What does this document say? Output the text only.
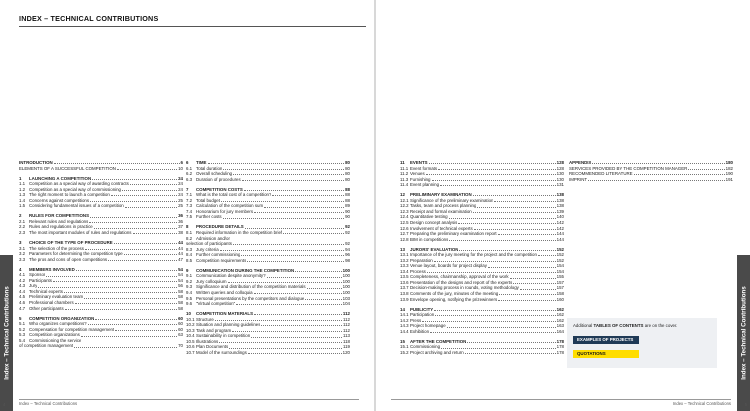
INDEX – TECHNICAL CONTRIBUTIONS
INTRODUCTION	6
ELEMENTS OF A SUCCESSFUL COMPETITION	10
1	LAUNCHING A COMPETITION	24
1.1 Competition as a special way of awarding contracts	24
1.2 Competition as a special way of commissioning	24
1.3 The right moment to launch a competition	24
1.4 Concerns against competitions	25
1.5 Considering fundamental issues of a competition	25
2	RULES FOR COMPETITIONS	36
2.1 Relevant rules and regulations	36
2.2 Rules and regulations in practice	37
2.3 The most important modules of rules and regulations	38
3	CHOICE OF THE TYPE OF PROCEDURE	44
3.1 The selection of the process	44
3.2 Parameters for determining the competition type	44
3.3 The pros and cons of open competitions	47
4	MEMBERS INVOLVED	54
4.1 Sponsor	54
4.2 Participants	54
4.3 Jury	56
4.4 Technical experts	58
4.5 Preliminary evaluation team	58
4.6 Professional chambers	58
4.7 Other participants	58
5	COMPETITION ORGANIZATION	60
5.1 Who organizes competitions?	60
5.2 Compensation for competition management	60
5.3 Competition organizations	63
5.4 Commissioning the service
of competition management	70
6	TIME	80
6.1 Total duration	80
6.2 Overall scheduling	80
6.3 Duration of procedures	80
7	COMPETITION COSTS	88
7.1 What is the total cost of a competition?	88
7.2 Total budget	88
7.3 Calculation of the competition sum	89
7.4 Honorarium for jury members	90
7.5 Further costs	90
8	PROCEDURE DETAILS	92
8.1 Required information in the competition brief	92
8.2 Admission and/or
selection of participants	92
8.3 Jury criteria	94
8.4 Further commissioning	96
8.5 Competition requirements	98
9	COMMUNICATION DURING THE COMPETITION	100
9.1 Communication despite anonymity?	100
9.2 Jury colloquium	100
9.3 Significance and distribution of the competition materials	100
9.4 Written queries and colloquia	100
9.5 Personal presentations by the competitors and dialogue	103
9.6 "Virtual competition"	104
10	COMPETITION MATERIALS	112
10.1 Structure	112
10.2 Situation and planning guidelines	112
10.3 Task and program	112
10.4 Sustainability in competition	113
10.5 Illustrations	118
10.6 Plan Documents	119
10.7 Model of the surroundings	120
Index – Technical Contributions
4	Index – Technical Contributions
11	EVENTS	128
11.1 Event formats	128
11.2 Venues	130
11.3 Furnishing	130
11.4 Event planning	131
12	PRELIMINARY EXAMINATION	138
12.1 Significance of the preliminary examination	138
12.2 Tasks, team and process planning	138
12.3 Receipt and formal examination	139
12.4 Quantitative testing	140
12.5 Design concept analysis	142
12.6 Involvement of technical experts	142
12.7 Preparing the preliminary examination report	144
12.8 BIM in competitions	144
13	JURORS' EVALUATION	152
13.1 Importance of the jury meeting for the project and the competition	152
13.2 Preparation	152
13.3 Venue layout, boards for project display	154
13.4 Process	154
13.5 Completeness, chairmanship, approval of the work	155
13.6 Presentation of the designs and report of the experts	157
13.7 Decision-making process in rounds, voting methodology	157
13.8 Comments of the jury, minutes of the meeting	158
13.9 Envelope opening, notifying the prizewinners	160
14	PUBLICITY	162
14.1 Participation	162
14.2 Press	162
14.3 Project homepage	163
14.4 Exhibition	164
15	AFTER THE COMPETITION	178
15.1 Commissioning	178
15.2 Project archiving and return	178
APPENDIX	180
SERVICES PROVIDED BY THE COMPETITION MANAGER	182
RECOMMENDED LITERATURE	190
IMPRINT	191
Additional TABLES OF CONTENTS are on the cover.
EXAMPLES OF PROJECTS
QUOTATIONS	Index – Technical Contributions
Index – Technical Contributions	5
